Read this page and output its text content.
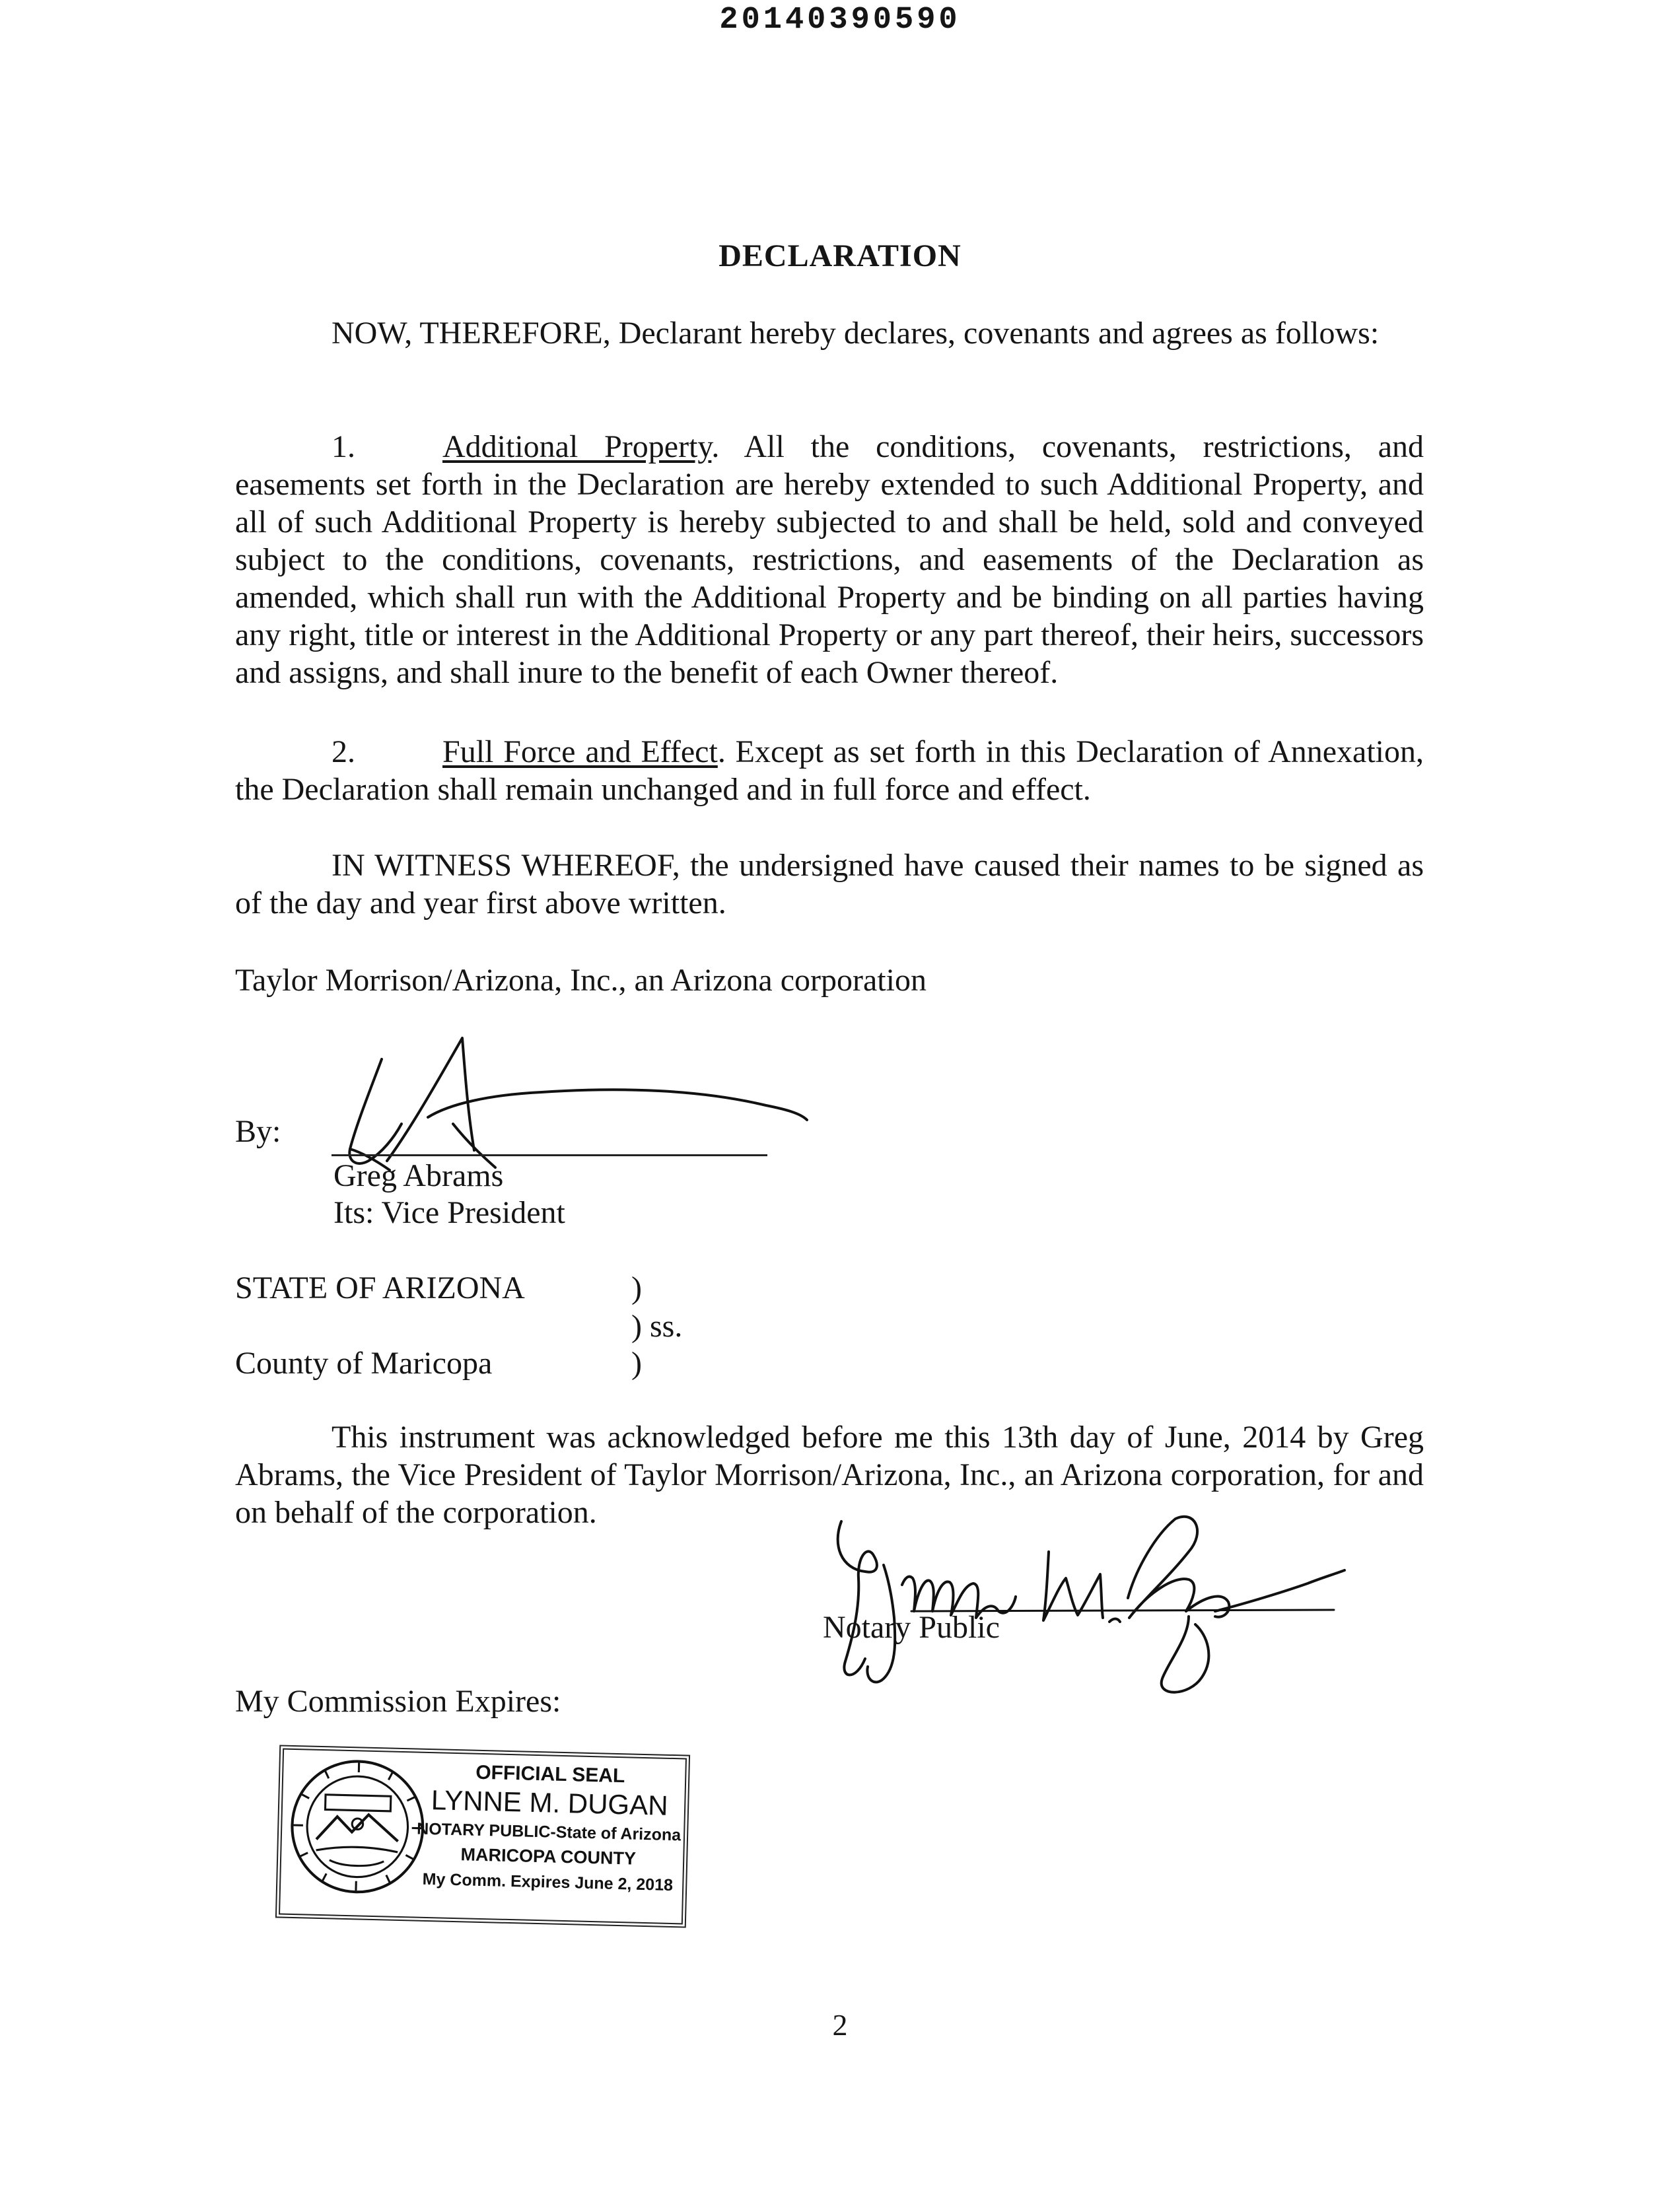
20140390590
DECLARATION
NOW, THEREFORE, Declarant hereby declares, covenants and agrees as follows:
1.	Additional Property. All the conditions, covenants, restrictions, and easements set forth in the Declaration are hereby extended to such Additional Property, and all of such Additional Property is hereby subjected to and shall be held, sold and conveyed subject to the conditions, covenants, restrictions, and easements of the Declaration as amended, which shall run with the Additional Property and be binding on all parties having any right, title or interest in the Additional Property or any part thereof, their heirs, successors and assigns, and shall inure to the benefit of each Owner thereof.
2.	Full Force and Effect. Except as set forth in this Declaration of Annexation, the Declaration shall remain unchanged and in full force and effect.
IN WITNESS WHEREOF, the undersigned have caused their names to be signed as of the day and year first above written.
Taylor Morrison/Arizona, Inc., an Arizona corporation
By:
Greg Abrams
Its: Vice President
STATE OF ARIZONA	)
) ss.
County of Maricopa	)
This instrument was acknowledged before me this 13th day of June, 2014 by Greg Abrams, the Vice President of Taylor Morrison/Arizona, Inc., an Arizona corporation, for and on behalf of the corporation.
Notary Public
My Commission Expires:
OFFICIAL SEAL
LYNNE M. DUGAN
NOTARY PUBLIC-State of Arizona
MARICOPA COUNTY
My Comm. Expires June 2, 2018
2
